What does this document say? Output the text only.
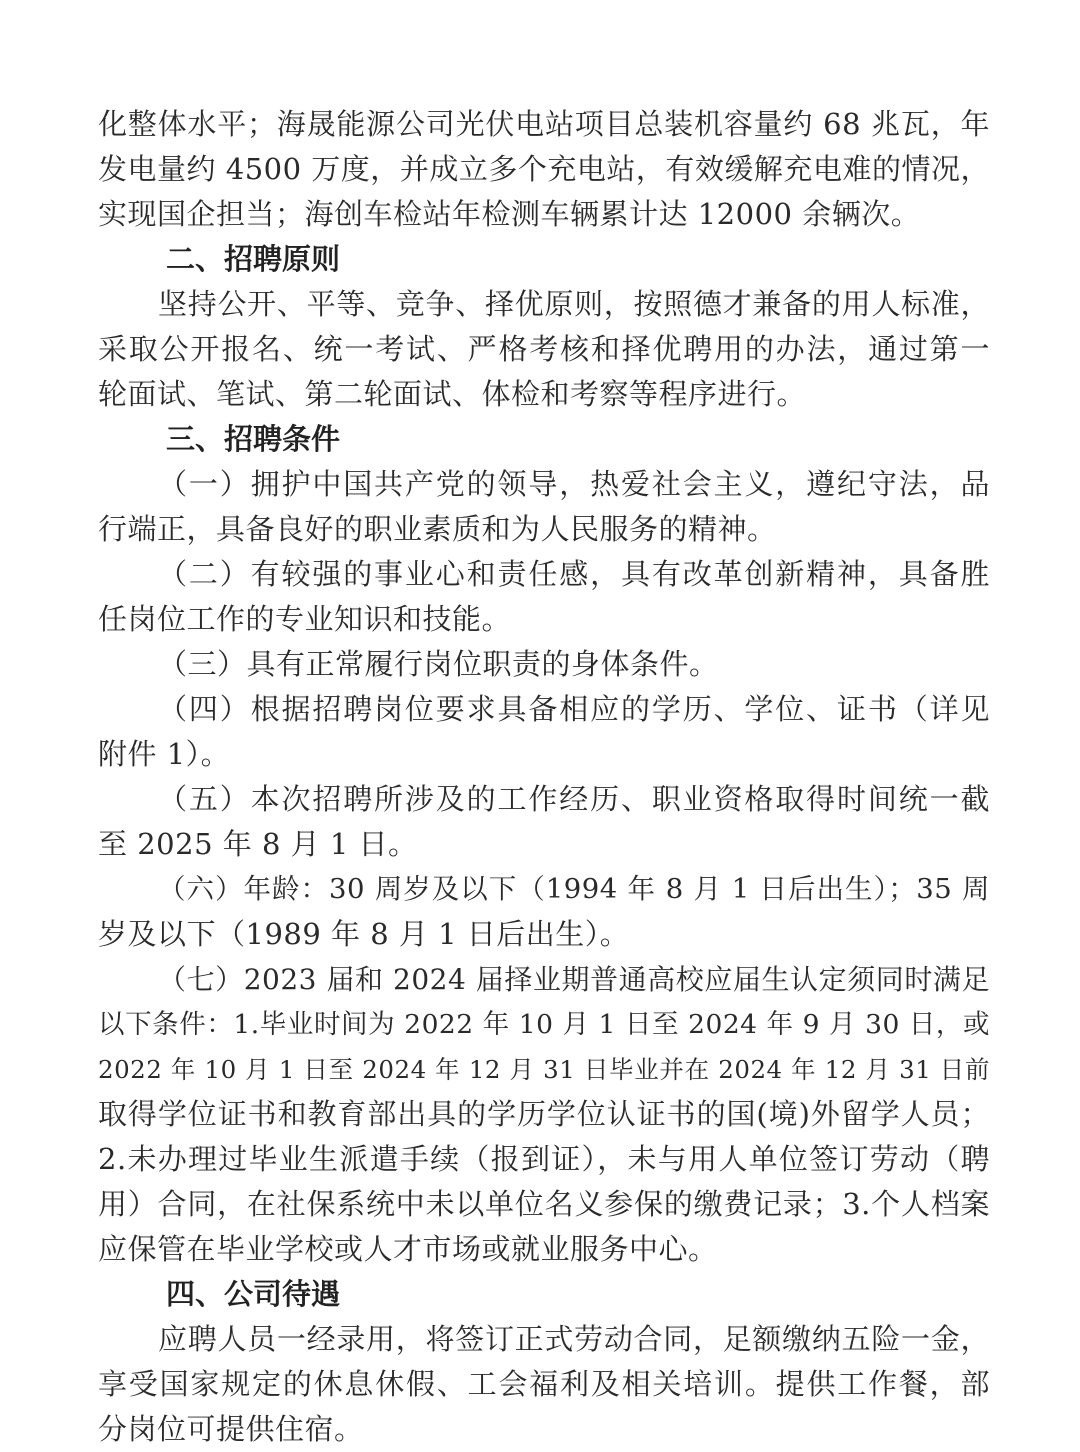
化整体水平；海晟能源公司光伏电站项目总装机容量约 68 兆瓦，年
发电量约 4500 万度，并成立多个充电站，有效缓解充电难的情况，
实现国企担当；海创车检站年检测车辆累计达 12000 余辆次。
二、招聘原则
坚持公开、平等、竞争、择优原则，按照德才兼备的用人标准，
采取公开报名、统一考试、严格考核和择优聘用的办法，通过第一
轮面试、笔试、第二轮面试、体检和考察等程序进行。
三、招聘条件
（一）拥护中国共产党的领导，热爱社会主义，遵纪守法，品
行端正，具备良好的职业素质和为人民服务的精神。
（二）有较强的事业心和责任感，具有改革创新精神，具备胜
任岗位工作的专业知识和技能。
（三）具有正常履行岗位职责的身体条件。
（四）根据招聘岗位要求具备相应的学历、学位、证书（详见
附件 1）。
（五）本次招聘所涉及的工作经历、职业资格取得时间统一截
至 2025 年 8 月 1 日。
（六）年龄：30 周岁及以下（1994 年 8 月 1 日后出生）；35 周
岁及以下（1989 年 8 月 1 日后出生）。
（七）2023 届和 2024 届择业期普通高校应届生认定须同时满足
以下条件：1.毕业时间为 2022 年 10 月 1 日至 2024 年 9 月 30 日，或
2022 年 10 月 1 日至 2024 年 12 月 31 日毕业并在 2024 年 12 月 31 日前
取得学位证书和教育部出具的学历学位认证书的国(境)外留学人员；
2.未办理过毕业生派遣手续（报到证），未与用人单位签订劳动（聘
用）合同，在社保系统中未以单位名义参保的缴费记录；3.个人档案
应保管在毕业学校或人才市场或就业服务中心。
四、公司待遇
应聘人员一经录用，将签订正式劳动合同，足额缴纳五险一金，
享受国家规定的休息休假、工会福利及相关培训。提供工作餐，部
分岗位可提供住宿。
